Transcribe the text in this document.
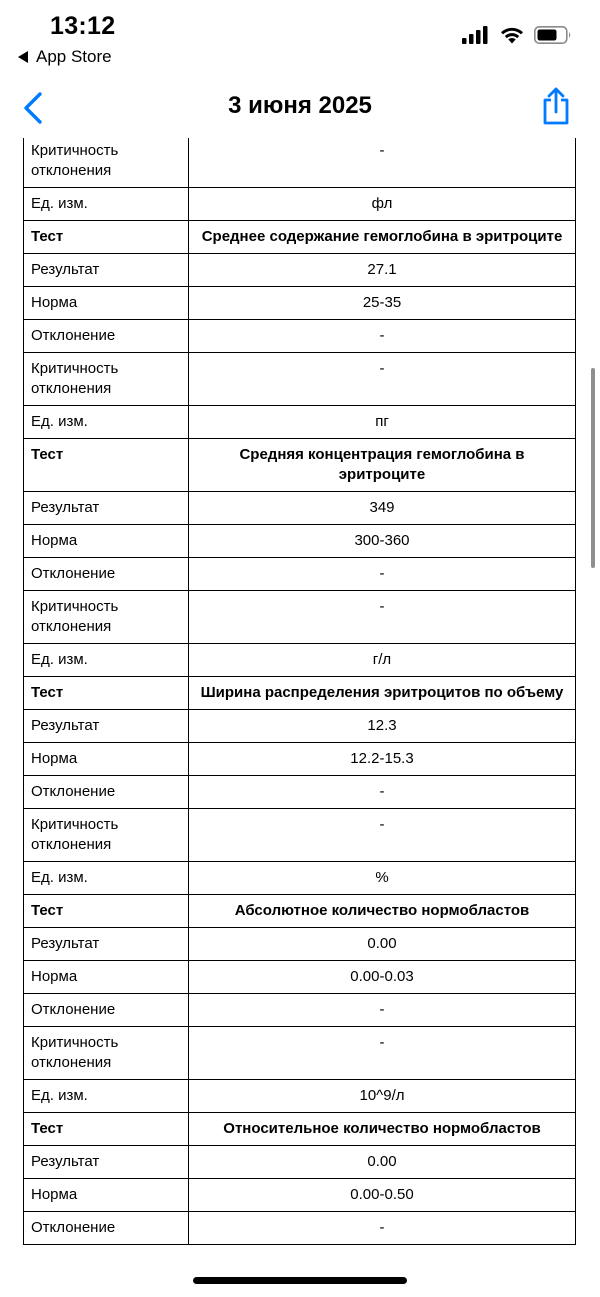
13:12
App Store
3 июня 2025

Критичность отклонения	-
Ед. изм.	фл
Тест	Среднее содержание гемоглобина в эритроците
Результат	27.1
Норма	25-35
Отклонение	-
Критичность отклонения	-
Ед. изм.	пг
Тест	Средняя концентрация гемоглобина в эритроците
Результат	349
Норма	300-360
Отклонение	-
Критичность отклонения	-
Ед. изм.	г/л
Тест	Ширина распределения эритроцитов по объему
Результат	12.3
Норма	12.2-15.3
Отклонение	-
Критичность отклонения	-
Ед. изм.	%
Тест	Абсолютное количество нормобластов
Результат	0.00
Норма	0.00-0.03
Отклонение	-
Критичность отклонения	-
Ед. изм.	10^9/л
Тест	Относительное количество нормобластов
Результат	0.00
Норма	0.00-0.50
Отклонение	-
